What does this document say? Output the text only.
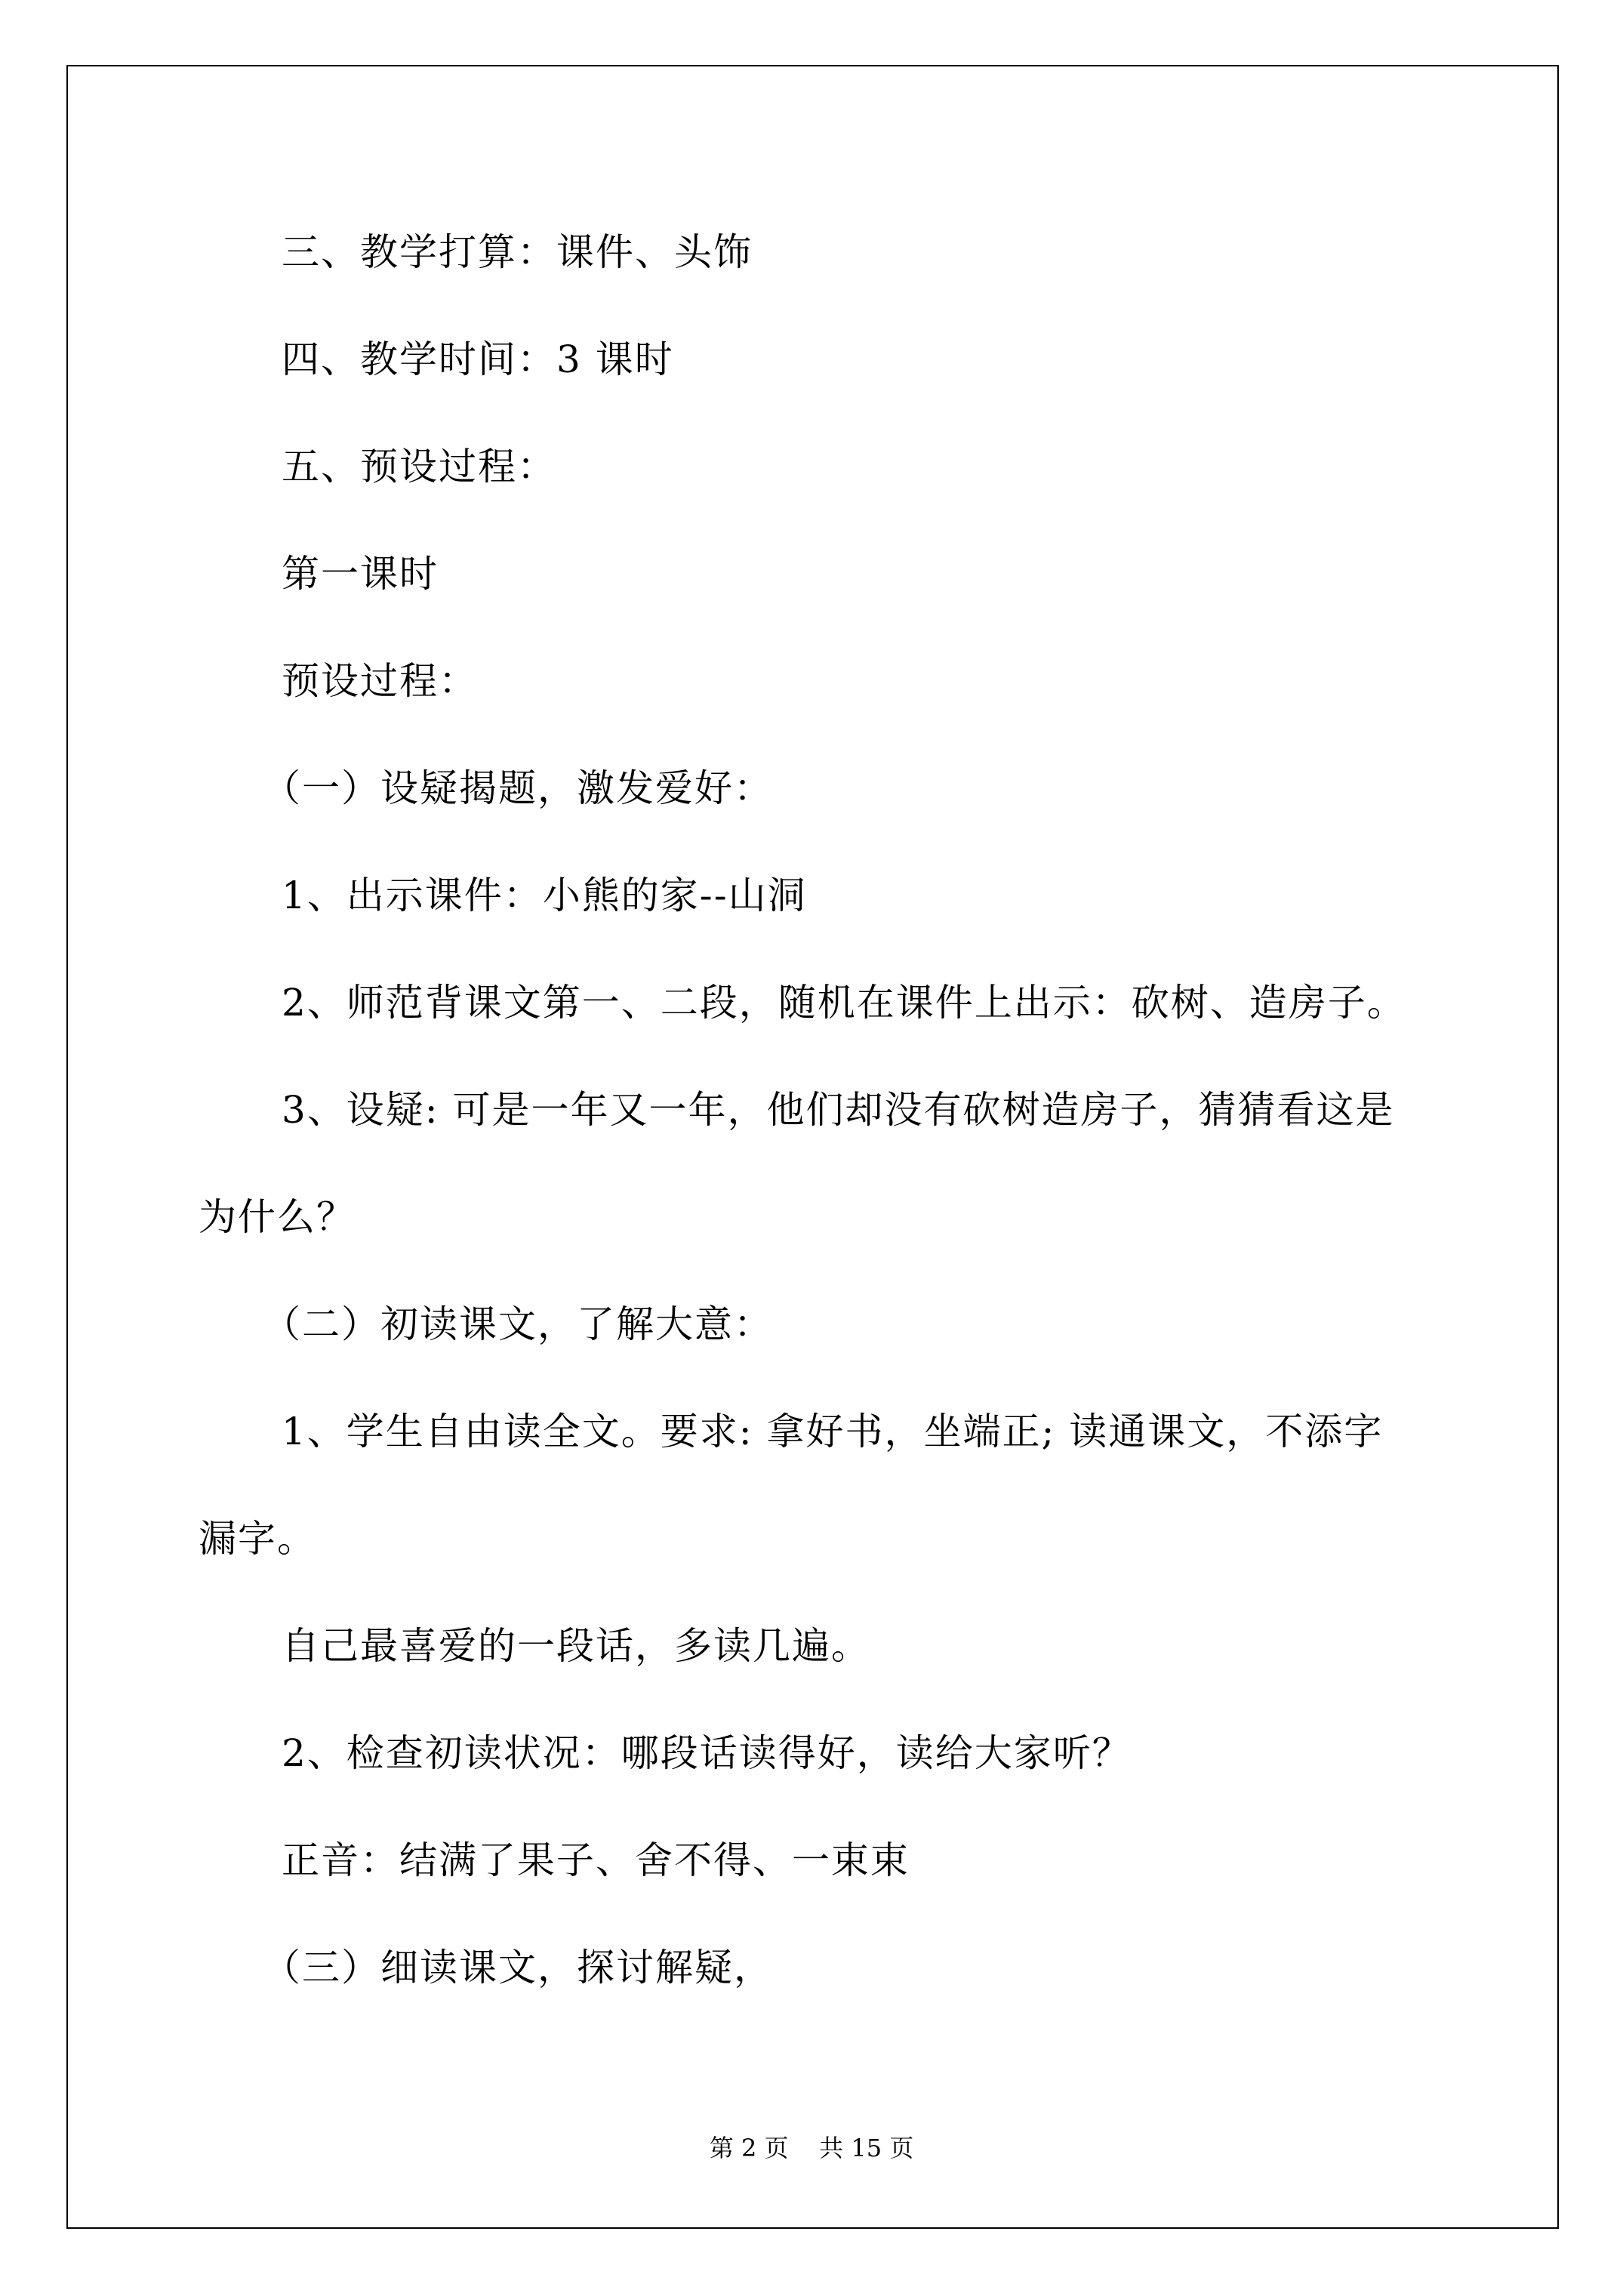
三、教学打算：课件、头饰

四、教学时间：3 课时

五、预设过程：

第一课时

预设过程：

（一）设疑揭题，激发爱好：

1、出示课件：小熊的家--山洞

2、师范背课文第一、二段，随机在课件上出示：砍树、造房子。

3、设疑: 可是一年又一年，他们却没有砍树造房子，猜猜看这是

为什么？

（二）初读课文，了解大意：

1、学生自由读全文。要求: 拿好书，坐端正; 读通课文，不添字

漏字。

自己最喜爱的一段话，多读几遍。

2、检查初读状况：哪段话读得好，读给大家听？

正音：结满了果子、舍不得、一束束

（三）细读课文，探讨解疑，

第 2 页    共 15 页
